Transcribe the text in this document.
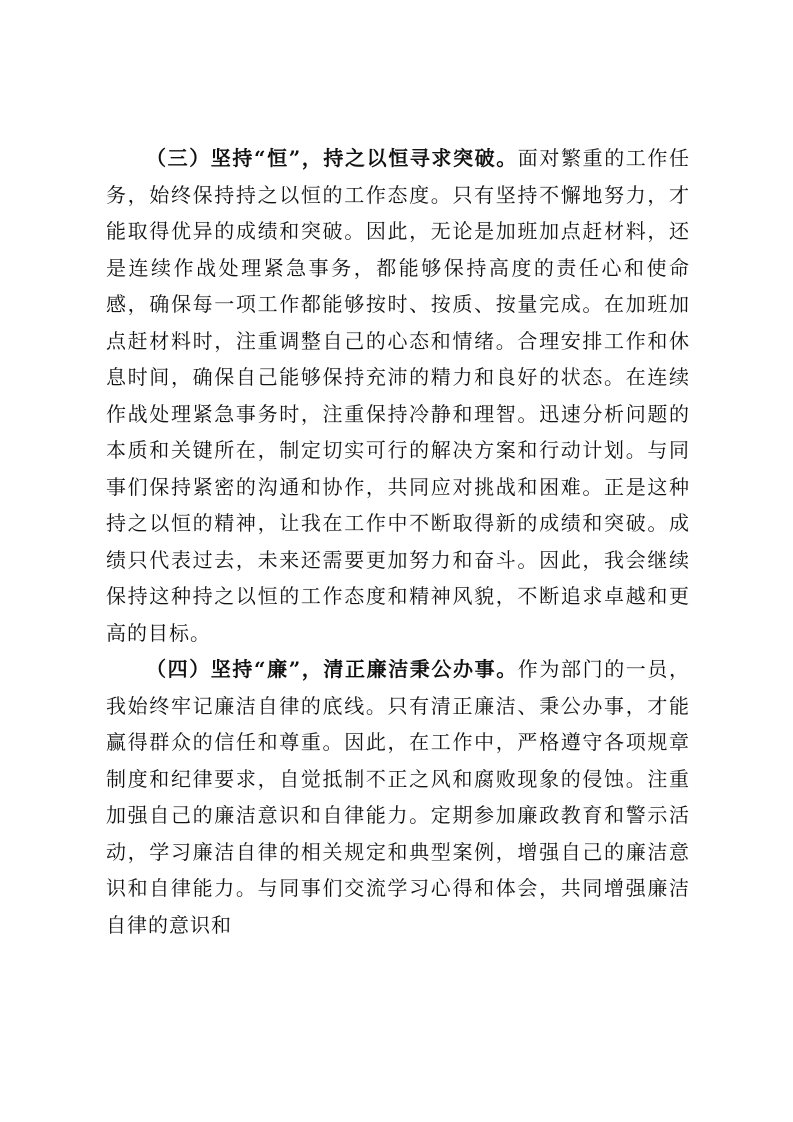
（三）坚持“恒”，持之以恒寻求突破。面对繁重的工作任务，始终保持持之以恒的工作态度。只有坚持不懈地努力，才能取得优异的成绩和突破。因此，无论是加班加点赶材料，还是连续作战处理紧急事务，都能够保持高度的责任心和使命感，确保每一项工作都能够按时、按质、按量完成。在加班加点赶材料时，注重调整自己的心态和情绪。合理安排工作和休息时间，确保自己能够保持充沛的精力和良好的状态。在连续作战处理紧急事务时，注重保持冷静和理智。迅速分析问题的本质和关键所在，制定切实可行的解决方案和行动计划。与同事们保持紧密的沟通和协作，共同应对挑战和困难。正是这种持之以恒的精神，让我在工作中不断取得新的成绩和突破。成绩只代表过去，未来还需要更加努力和奋斗。因此，我会继续保持这种持之以恒的工作态度和精神风貌，不断追求卓越和更高的目标。

（四）坚持“廉”，清正廉洁秉公办事。作为部门的一员，我始终牢记廉洁自律的底线。只有清正廉洁、秉公办事，才能赢得群众的信任和尊重。因此，在工作中，严格遵守各项规章制度和纪律要求，自觉抵制不正之风和腐败现象的侵蚀。注重加强自己的廉洁意识和自律能力。定期参加廉政教育和警示活动，学习廉洁自律的相关规定和典型案例，增强自己的廉洁意识和自律能力。与同事们交流学习心得和体会，共同增强廉洁自律的意识和
